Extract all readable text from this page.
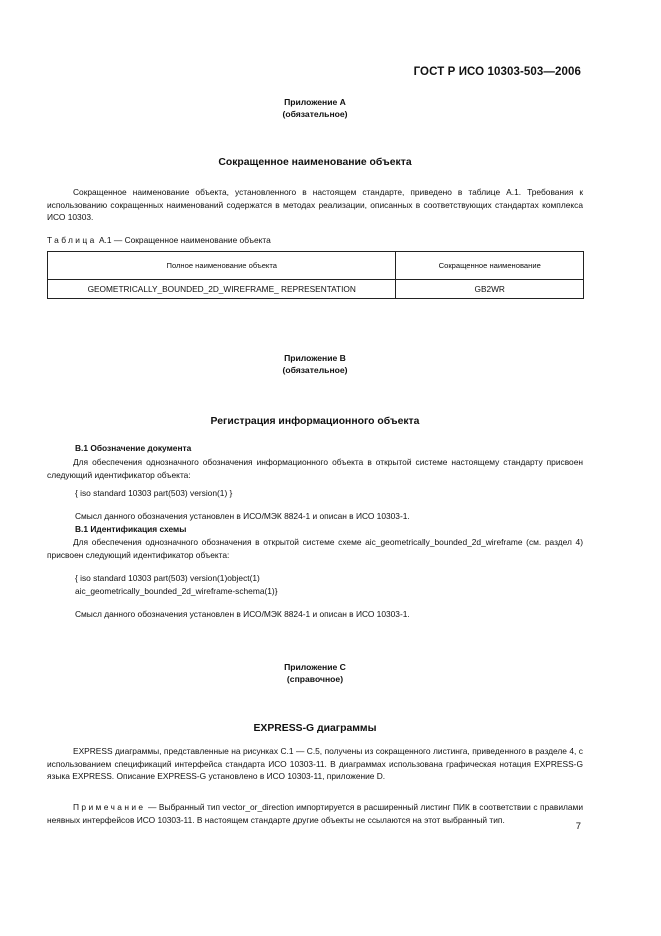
ГОСТ Р ИСО 10303-503—2006
Приложение А
(обязательное)
Сокращенное наименование объекта
Сокращенное наименование объекта, установленного в настоящем стандарте, приведено в таблице А.1. Требования к использованию сокращенных наименований содержатся в методах реализации, описанных в соответствующих стандартах комплекса ИСО 10303.
Таблица А.1 — Сокращенное наименование объекта
Полное наименование объекта	Сокращенное наименование
GEOMETRICALLY_BOUNDED_2D_WIREFRAME_ REPRESENTATION	GB2WR
Приложение В
(обязательное)
Регистрация информационного объекта
В.1 Обозначение документа
Для обеспечения однозначного обозначения информационного объекта в открытой системе настоящему стандарту присвоен следующий идентификатор объекта:
{ iso standard 10303 part(503) version(1) }
Смысл данного обозначения установлен в ИСО/МЭК 8824-1 и описан в ИСО 10303-1.
В.1 Идентификация схемы
Для обеспечения однозначного обозначения в открытой системе схеме aic_geometrically_bounded_2d_wireframe (см. раздел 4) присвоен следующий идентификатор объекта:
{ iso standard 10303 part(503) version(1)object(1)
aic_geometrically_bounded_2d_wireframe-schema(1)}
Смысл данного обозначения установлен в ИСО/МЭК 8824-1 и описан в ИСО 10303-1.
Приложение С
(справочное)
EXPRESS-G диаграммы
EXPRESS диаграммы, представленные на рисунках С.1 — С.5, получены из сокращенного листинга, приведенного в разделе 4, с использованием спецификаций интерфейса стандарта ИСО 10303-11. В диаграммах использована графическая нотация EXPRESS-G языка EXPRESS. Описание EXPRESS-G установлено в ИСО 10303-11, приложение D.
Примечание — Выбранный тип vector_or_direction импортируется в расширенный листинг ПИК в соответствии с правилами неявных интерфейсов ИСО 10303-11. В настоящем стандарте другие объекты не ссылаются на этот выбранный тип.
7
